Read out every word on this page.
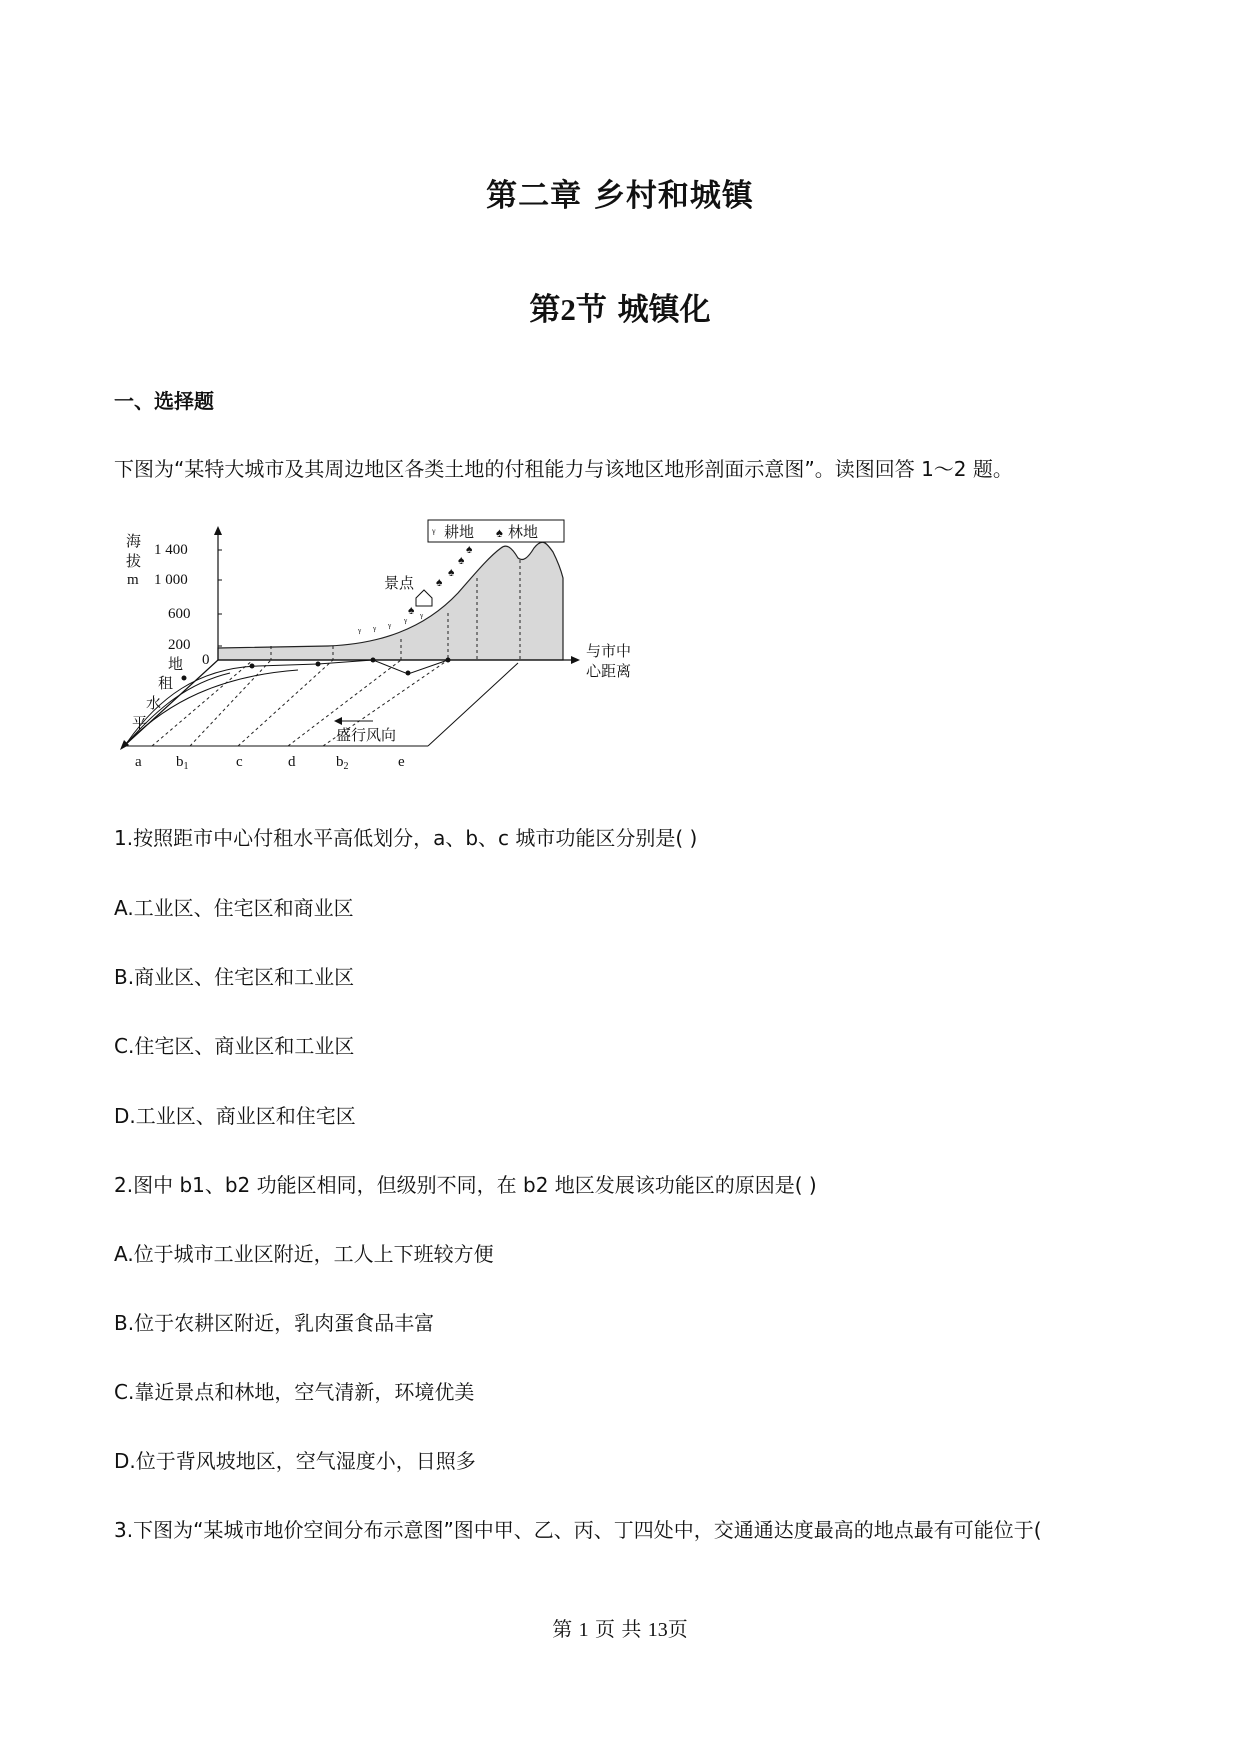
第二章 乡村和城镇
第2节 城镇化
一、选择题
下图为“某特大城市及其周边地区各类土地的付租能力与该地区地形剖面示意图”。读图回答 1～2 题。
ᵞ 耕地 ♠ 林地
海
拔
m
1 400
1 000
600
200
0
ᵞ ᵞ ᵞ ᵞ ᵞ
景点
♠
♠
♠
♠
♠
与市中
心距离
地
租
水
平
盛行风向
a $b_1$	c	d	$b_2$	e
1.按照距市中心付租水平高低划分，a、b、c 城市功能区分别是( )
A.工业区、住宅区和商业区
B.商业区、住宅区和工业区
C.住宅区、商业区和工业区
D.工业区、商业区和住宅区
2.图中 b1、b2 功能区相同，但级别不同，在 b2 地区发展该功能区的原因是( )
A.位于城市工业区附近，工人上下班较方便
B.位于农耕区附近，乳肉蛋食品丰富
C.靠近景点和林地，空气清新，环境优美
D.位于背风坡地区，空气湿度小，日照多
3.下图为“某城市地价空间分布示意图”图中甲、乙、丙、丁四处中，交通通达度最高的地点最有可能位于(
第 1 页 共 13页
